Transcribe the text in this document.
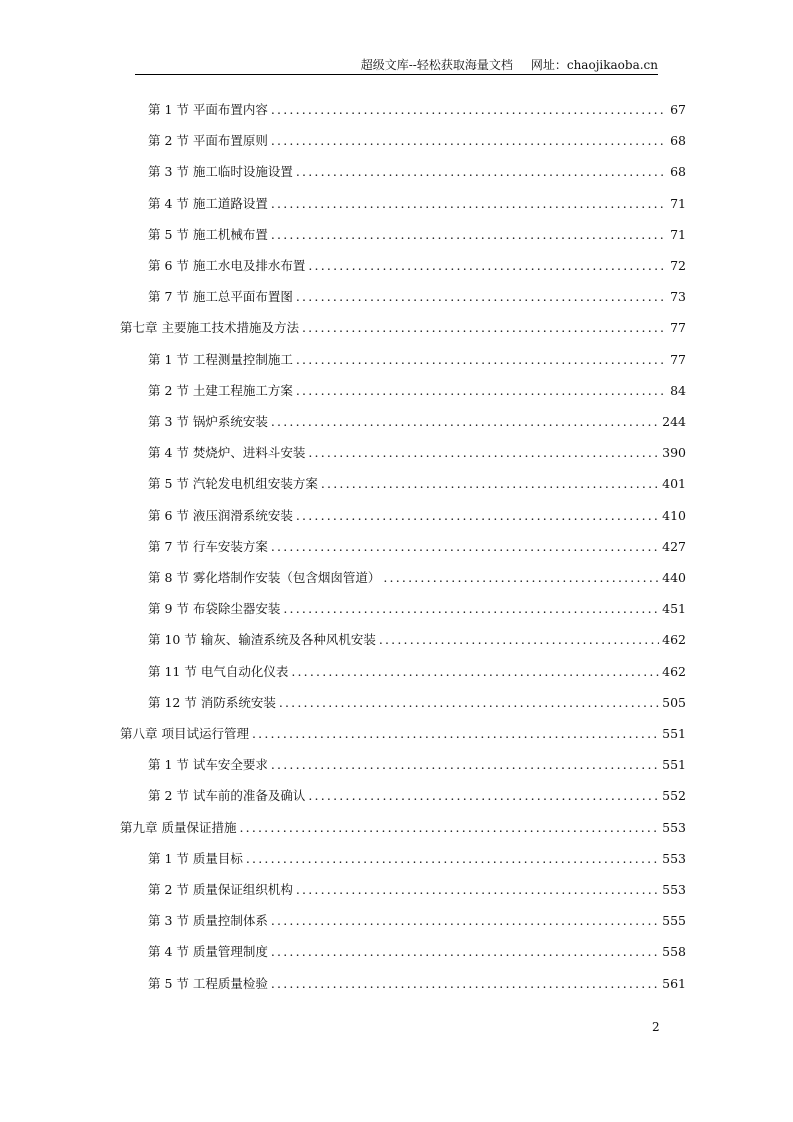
超级文库--轻松获取海量文档 网址：chaojikaoba.cn
第 1 节 平面布置内容 .....	67
第 2 节 平面布置原则 .....	68
第 3 节 施工临时设施设置 .....	68
第 4 节 施工道路设置 .....	71
第 5 节 施工机械布置 .....	71
第 6 节 施工水电及排水布置 .....	72
第 7 节 施工总平面布置图 .....	73
第七章 主要施工技术措施及方法 .....	77
第 1 节 工程测量控制施工 .....	77
第 2 节 土建工程施工方案 .....	84
第 3 节 锅炉系统安装 .....	244
第 4 节 焚烧炉、进料斗安装 .....	390
第 5 节 汽轮发电机组安装方案 .....	401
第 6 节 液压润滑系统安装 .....	410
第 7 节 行车安装方案 .....	427
第 8 节 雾化塔制作安装（包含烟囱管道） .....	440
第 9 节 布袋除尘器安装 .....	451
第 10 节 输灰、输渣系统及各种风机安装 .....	462
第 11 节 电气自动化仪表 .....	462
第 12 节 消防系统安装 .....	505
第八章 项目试运行管理 .....	551
第 1 节 试车安全要求 .....	551
第 2 节 试车前的准备及确认 .....	552
第九章 质量保证措施 .....	553
第 1 节 质量目标 .....	553
第 2 节 质量保证组织机构 .....	553
第 3 节 质量控制体系 .....	555
第 4 节 质量管理制度 .....	558
第 5 节 工程质量检验 .....	561
2
